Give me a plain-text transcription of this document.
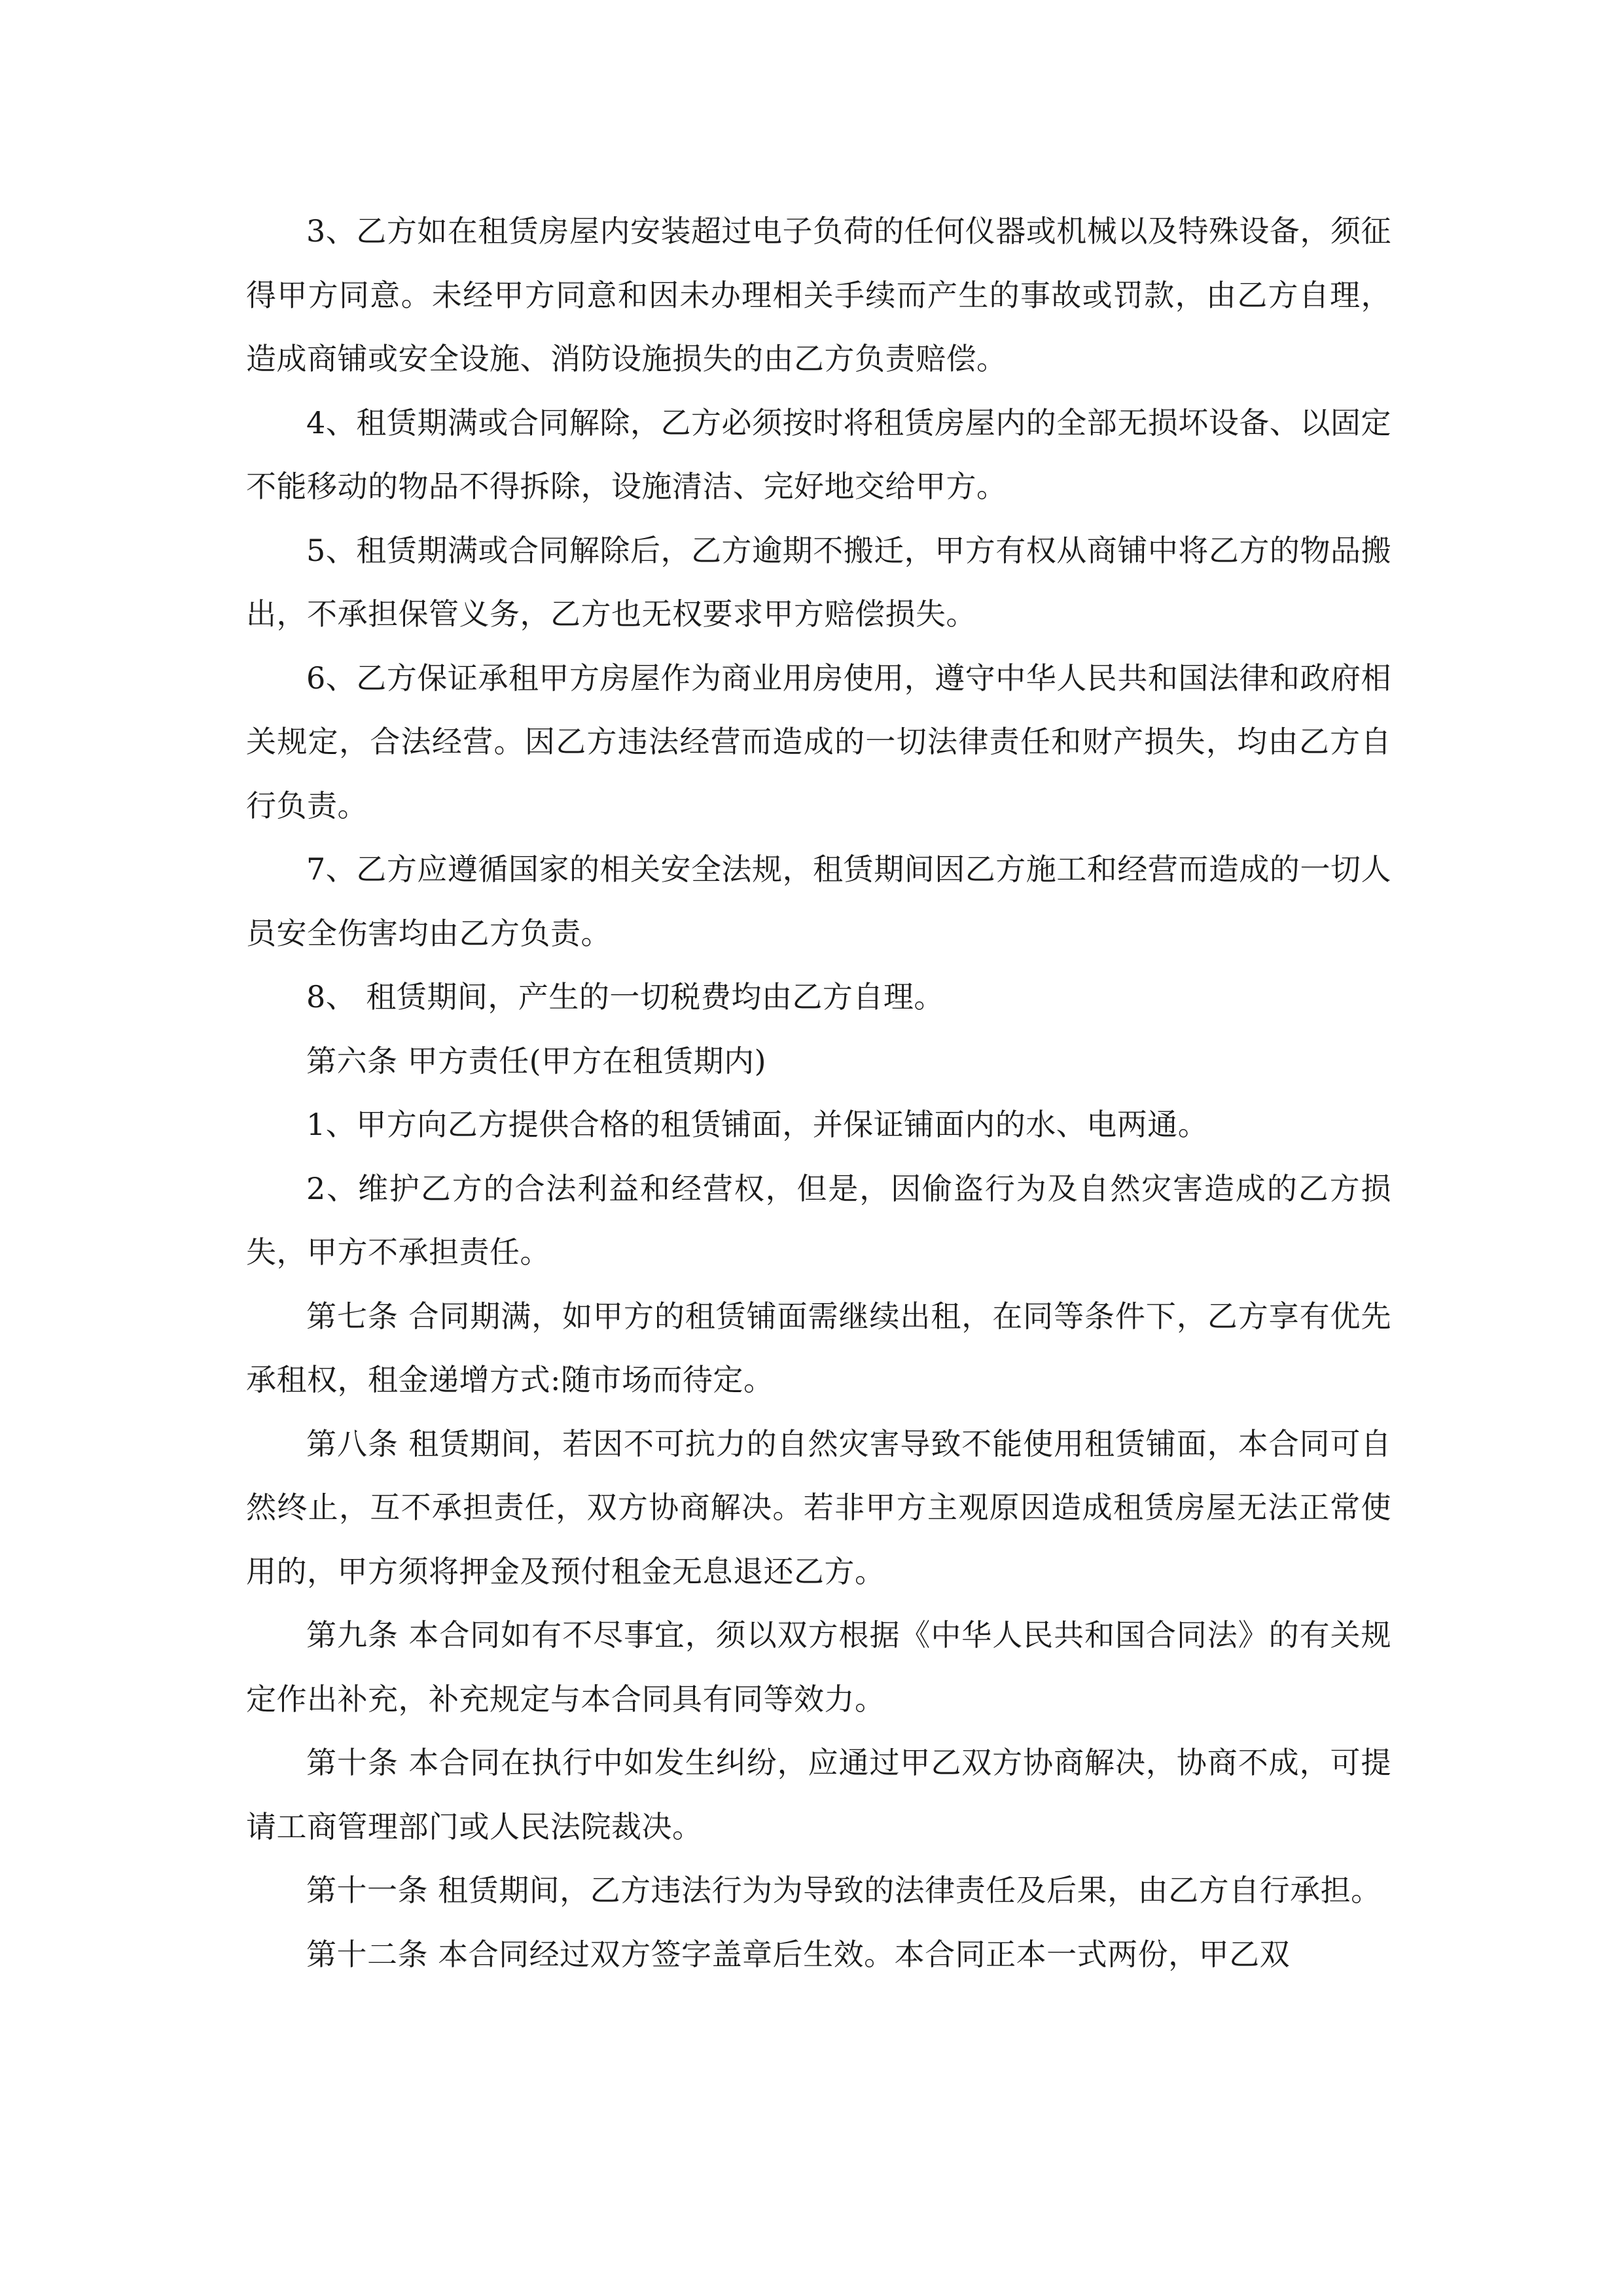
3、乙方如在租赁房屋内安装超过电子负荷的任何仪器或机械以及特殊设备，须征得甲方同意。未经甲方同意和因未办理相关手续而产生的事故或罚款，由乙方自理，造成商铺或安全设施、消防设施损失的由乙方负责赔偿。

4、租赁期满或合同解除，乙方必须按时将租赁房屋内的全部无损坏设备、以固定不能移动的物品不得拆除，设施清洁、完好地交给甲方。

5、租赁期满或合同解除后，乙方逾期不搬迁，甲方有权从商铺中将乙方的物品搬出，不承担保管义务，乙方也无权要求甲方赔偿损失。

6、乙方保证承租甲方房屋作为商业用房使用，遵守中华人民共和国法律和政府相关规定，合法经营。因乙方违法经营而造成的一切法律责任和财产损失，均由乙方自行负责。

7、乙方应遵循国家的相关安全法规，租赁期间因乙方施工和经营而造成的一切人员安全伤害均由乙方负责。

8、 租赁期间，产生的一切税费均由乙方自理。

第六条 甲方责任(甲方在租赁期内)

1、甲方向乙方提供合格的租赁铺面，并保证铺面内的水、电两通。

2、维护乙方的合法利益和经营权，但是，因偷盗行为及自然灾害造成的乙方损失，甲方不承担责任。

第七条 合同期满，如甲方的租赁铺面需继续出租，在同等条件下，乙方享有优先承租权，租金递增方式:随市场而待定。

第八条 租赁期间，若因不可抗力的自然灾害导致不能使用租赁铺面，本合同可自然终止，互不承担责任，双方协商解决。若非甲方主观原因造成租赁房屋无法正常使用的，甲方须将押金及预付租金无息退还乙方。

第九条 本合同如有不尽事宜，须以双方根据《中华人民共和国合同法》的有关规定作出补充，补充规定与本合同具有同等效力。

第十条 本合同在执行中如发生纠纷，应通过甲乙双方协商解决，协商不成，可提请工商管理部门或人民法院裁决。

第十一条 租赁期间，乙方违法行为为导致的法律责任及后果，由乙方自行承担。

第十二条 本合同经过双方签字盖章后生效。本合同正本一式两份，甲乙双
